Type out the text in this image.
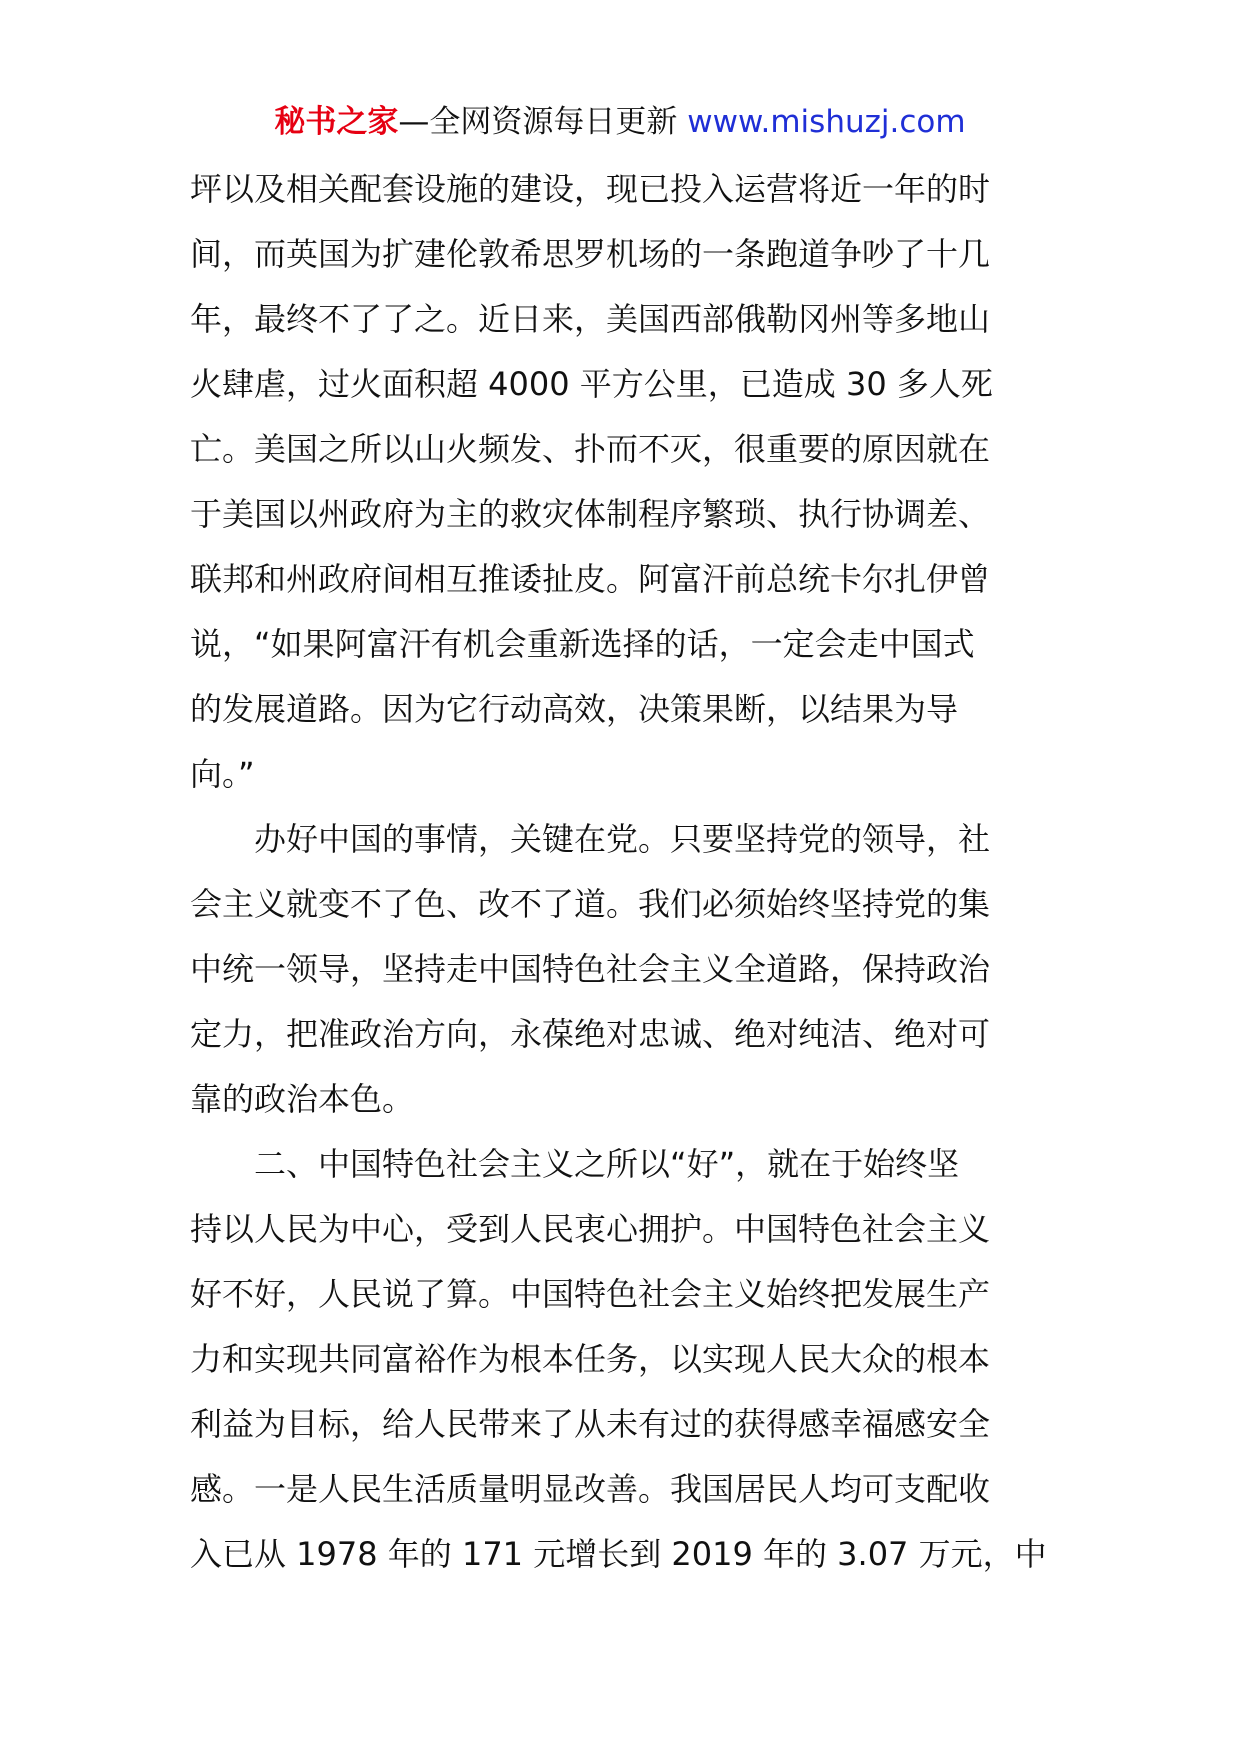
秘书之家—全网资源每日更新 www.mishuzj.com
坪以及相关配套设施的建设，现已投入运营将近一年的时
间，而英国为扩建伦敦希思罗机场的一条跑道争吵了十几
年，最终不了了之。近日来，美国西部俄勒冈州等多地山
火肆虐，过火面积超 4000 平方公里，已造成 30 多人死
亡。美国之所以山火频发、扑而不灭，很重要的原因就在
于美国以州政府为主的救灾体制程序繁琐、执行协调差、
联邦和州政府间相互推诿扯皮。阿富汗前总统卡尔扎伊曾
说，“如果阿富汗有机会重新选择的话，一定会走中国式
的发展道路。因为它行动高效，决策果断，以结果为导
向。”
办好中国的事情，关键在党。只要坚持党的领导，社
会主义就变不了色、改不了道。我们必须始终坚持党的集
中统一领导，坚持走中国特色社会主义全道路，保持政治
定力，把准政治方向，永葆绝对忠诚、绝对纯洁、绝对可
靠的政治本色。
二、中国特色社会主义之所以“好”，就在于始终坚
持以人民为中心，受到人民衷心拥护。中国特色社会主义
好不好，人民说了算。中国特色社会主义始终把发展生产
力和实现共同富裕作为根本任务，以实现人民大众的根本
利益为目标，给人民带来了从未有过的获得感幸福感安全
感。一是人民生活质量明显改善。我国居民人均可支配收
入已从 1978 年的 171 元增长到 2019 年的 3.07 万元，中
